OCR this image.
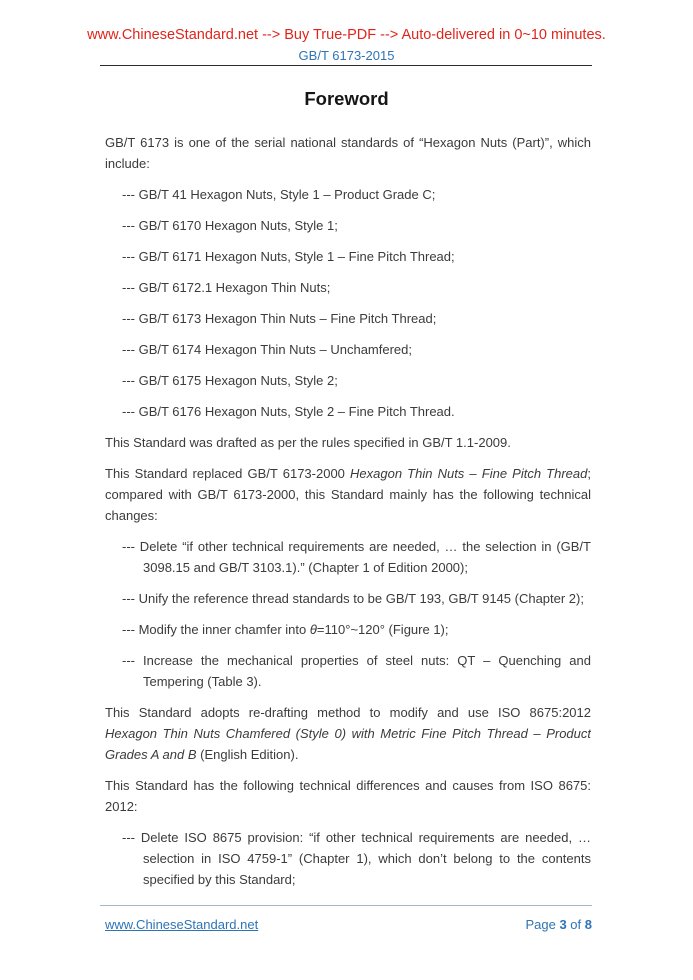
www.ChineseStandard.net --> Buy True-PDF --> Auto-delivered in 0~10 minutes.
GB/T 6173-2015
Foreword
GB/T 6173 is one of the serial national standards of “Hexagon Nuts (Part)”, which include:
--- GB/T 41 Hexagon Nuts, Style 1 – Product Grade C;
--- GB/T 6170 Hexagon Nuts, Style 1;
--- GB/T 6171 Hexagon Nuts, Style 1 – Fine Pitch Thread;
--- GB/T 6172.1 Hexagon Thin Nuts;
--- GB/T 6173 Hexagon Thin Nuts – Fine Pitch Thread;
--- GB/T 6174 Hexagon Thin Nuts – Unchamfered;
--- GB/T 6175 Hexagon Nuts, Style 2;
--- GB/T 6176 Hexagon Nuts, Style 2 – Fine Pitch Thread.
This Standard was drafted as per the rules specified in GB/T 1.1-2009.
This Standard replaced GB/T 6173-2000 Hexagon Thin Nuts – Fine Pitch Thread; compared with GB/T 6173-2000, this Standard mainly has the following technical changes:
--- Delete “if other technical requirements are needed, … the selection in (GB/T 3098.15 and GB/T 3103.1).” (Chapter 1 of Edition 2000);
--- Unify the reference thread standards to be GB/T 193, GB/T 9145 (Chapter 2);
--- Modify the inner chamfer into θ=110°~120° (Figure 1);
--- Increase the mechanical properties of steel nuts: QT – Quenching and Tempering (Table 3).
This Standard adopts re-drafting method to modify and use ISO 8675:2012 Hexagon Thin Nuts Chamfered (Style 0) with Metric Fine Pitch Thread – Product Grades A and B (English Edition).
This Standard has the following technical differences and causes from ISO 8675: 2012:
--- Delete ISO 8675 provision: “if other technical requirements are needed, … selection in ISO 4759-1” (Chapter 1), which don’t belong to the contents specified by this Standard;
www.ChineseStandard.net	Page 3 of 8
